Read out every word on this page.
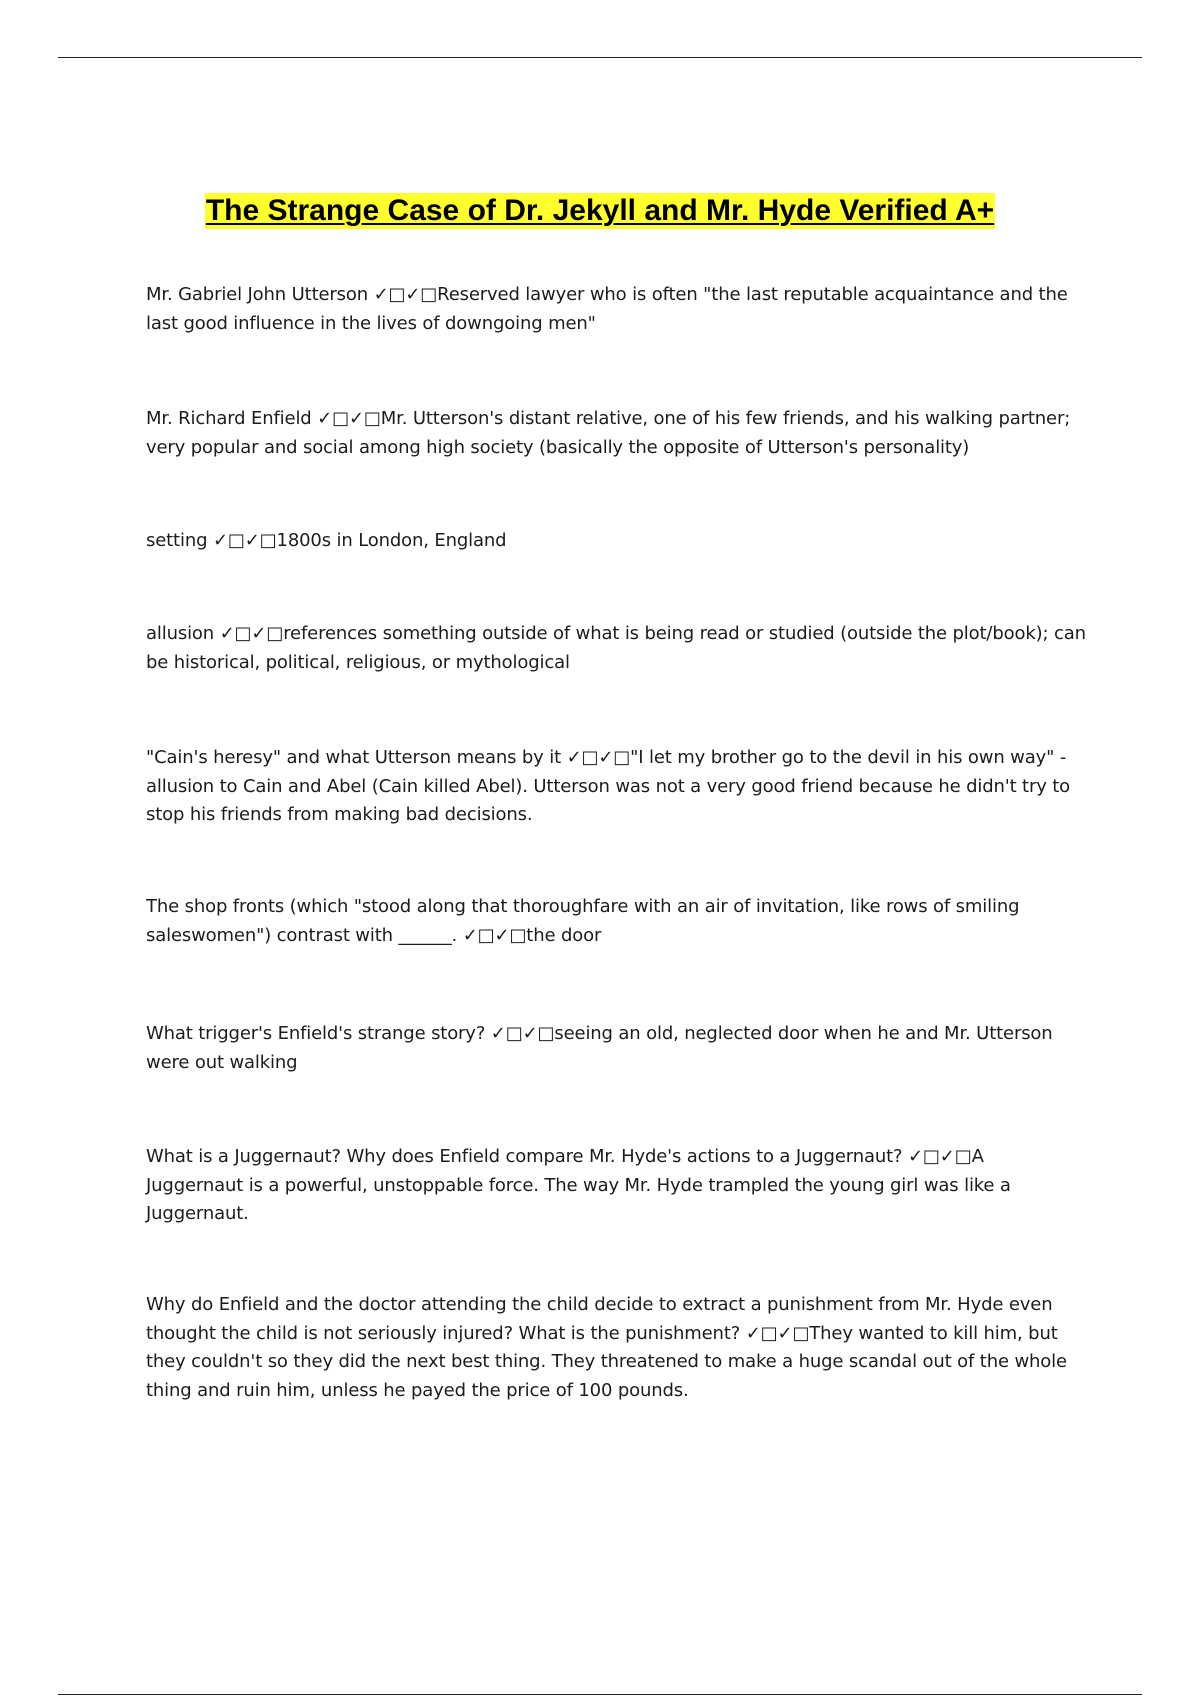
The Strange Case of Dr. Jekyll and Mr. Hyde Verified A+

Mr. Gabriel John Utterson ✓□✓□Reserved lawyer who is often "the last reputable acquaintance and the last good influence in the lives of downgoing men"

Mr. Richard Enfield ✓□✓□Mr. Utterson's distant relative, one of his few friends, and his walking partner; very popular and social among high society (basically the opposite of Utterson's personality)

setting ✓□✓□1800s in London, England

allusion ✓□✓□references something outside of what is being read or studied (outside the plot/book); can be historical, political, religious, or mythological

"Cain's heresy" and what Utterson means by it ✓□✓□"I let my brother go to the devil in his own way" - allusion to Cain and Abel (Cain killed Abel). Utterson was not a very good friend because he didn't try to stop his friends from making bad decisions.

The shop fronts (which "stood along that thoroughfare with an air of invitation, like rows of smiling saleswomen") contrast with ______. ✓□✓□the door

What trigger's Enfield's strange story? ✓□✓□seeing an old, neglected door when he and Mr. Utterson were out walking

What is a Juggernaut? Why does Enfield compare Mr. Hyde's actions to a Juggernaut? ✓□✓□A Juggernaut is a powerful, unstoppable force. The way Mr. Hyde trampled the young girl was like a Juggernaut.

Why do Enfield and the doctor attending the child decide to extract a punishment from Mr. Hyde even thought the child is not seriously injured? What is the punishment? ✓□✓□They wanted to kill him, but they couldn't so they did the next best thing. They threatened to make a huge scandal out of the whole thing and ruin him, unless he payed the price of 100 pounds.
